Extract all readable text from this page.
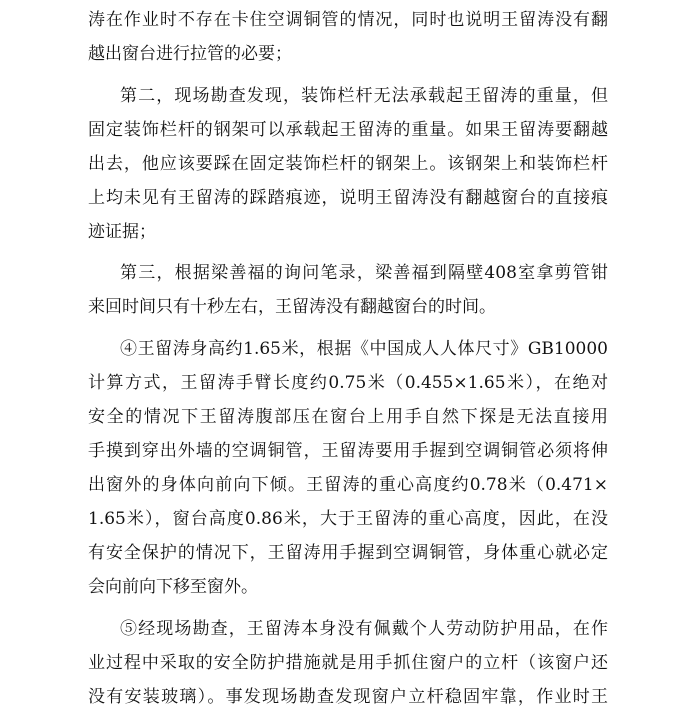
涛在作业时不存在卡住空调铜管的情况，同时也说明王留涛没有翻
越出窗台进行拉管的必要；
第二，现场勘查发现，装饰栏杆无法承载起王留涛的重量，但
固定装饰栏杆的钢架可以承载起王留涛的重量。如果王留涛要翻越
出去，他应该要踩在固定装饰栏杆的钢架上。该钢架上和装饰栏杆
上均未见有王留涛的踩踏痕迹，说明王留涛没有翻越窗台的直接痕
迹证据；
第三，根据梁善福的询问笔录，梁善福到隔壁408室拿剪管钳
来回时间只有十秒左右，王留涛没有翻越窗台的时间。
④王留涛身高约1.65米，根据《中国成人人体尺寸》GB10000
计算方式，王留涛手臂长度约0.75米（0.455×1.65米），在绝对
安全的情况下王留涛腹部压在窗台上用手自然下探是无法直接用
手摸到穿出外墙的空调铜管，王留涛要用手握到空调铜管必须将伸
出窗外的身体向前向下倾。王留涛的重心高度约0.78米（0.471×
1.65米），窗台高度0.86米，大于王留涛的重心高度，因此，在没
有安全保护的情况下，王留涛用手握到空调铜管，身体重心就必定
会向前向下移至窗外。
⑤经现场勘查，王留涛本身没有佩戴个人劳动防护用品，在作
业过程中采取的安全防护措施就是用手抓住窗户的立杆（该窗户还
没有安装玻璃）。事发现场勘查发现窗户立杆稳固牢靠，作业时王
